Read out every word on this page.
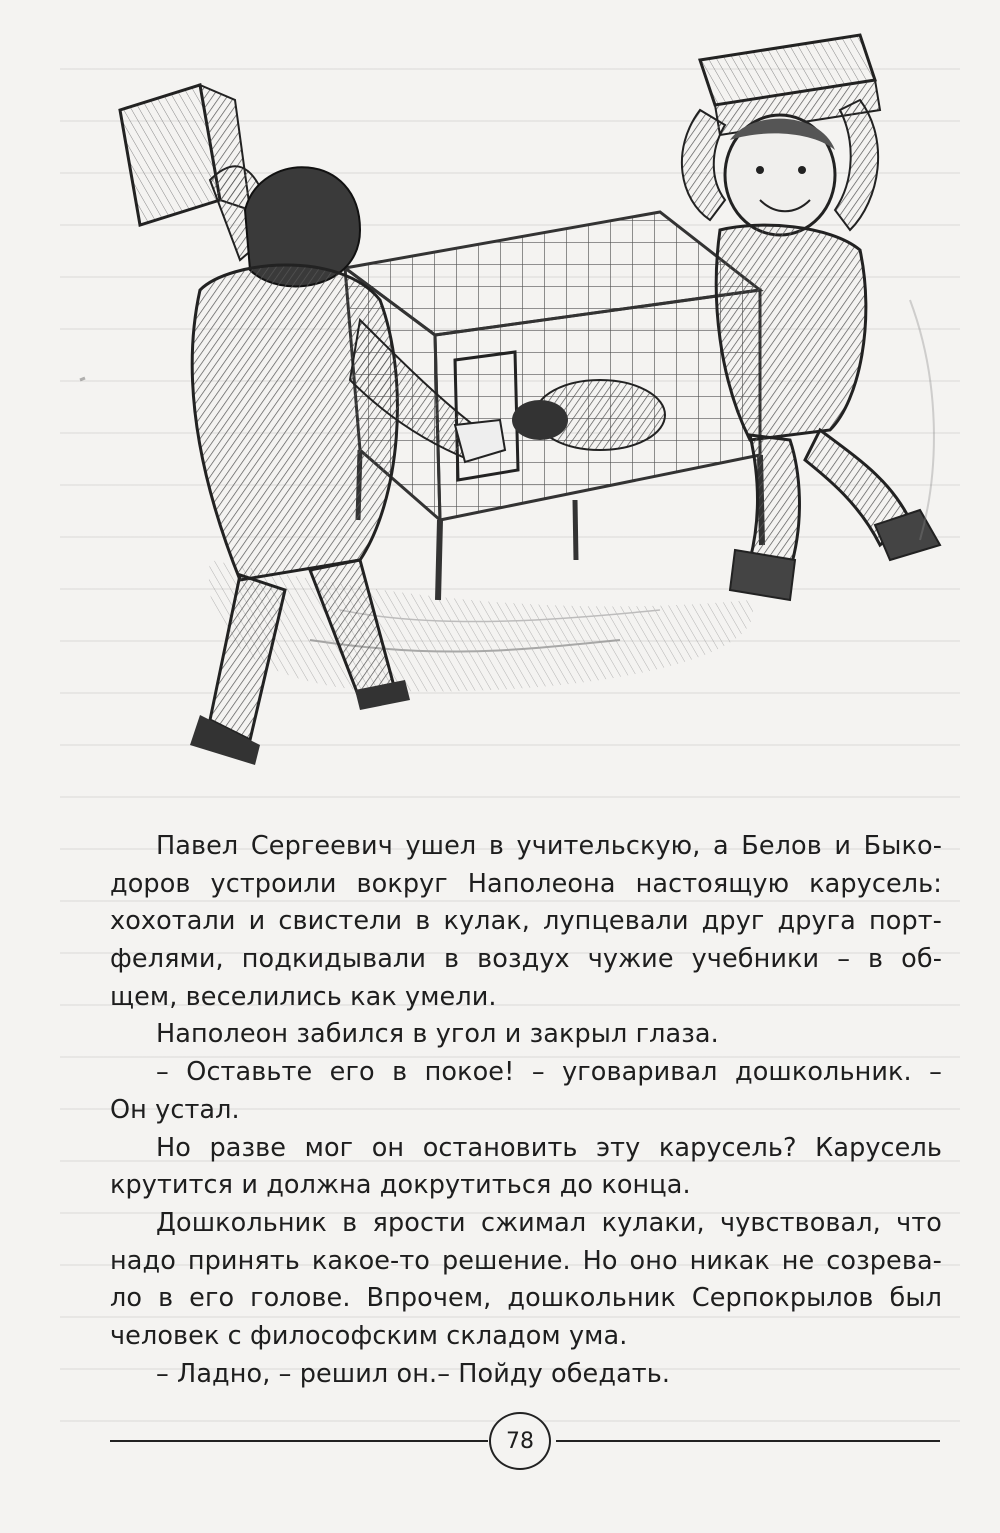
Павел Сергеевич ушел в учительскую, а Белов и Быко-
доров устроили вокруг Наполеона настоящую карусель:
хохотали и свистели в кулак, лупцевали друг друга порт-
фелями, подкидывали в воздух чужие учебники – в об-
щем, веселились как умели.
Наполеон забился в угол и закрыл глаза.
– Оставьте его в покое! – уговаривал дошкольник. –
Он устал.
Но разве мог он остановить эту карусель? Карусель
крутится и должна докрутиться до конца.
Дошкольник в ярости сжимал кулаки, чувствовал, что
надо принять какое-то решение. Но оно никак не созрева-
ло в его голове. Впрочем, дошкольник Серпокрылов был
человек с философским складом ума.
– Ладно, – решил он.– Пойду обедать.
78
